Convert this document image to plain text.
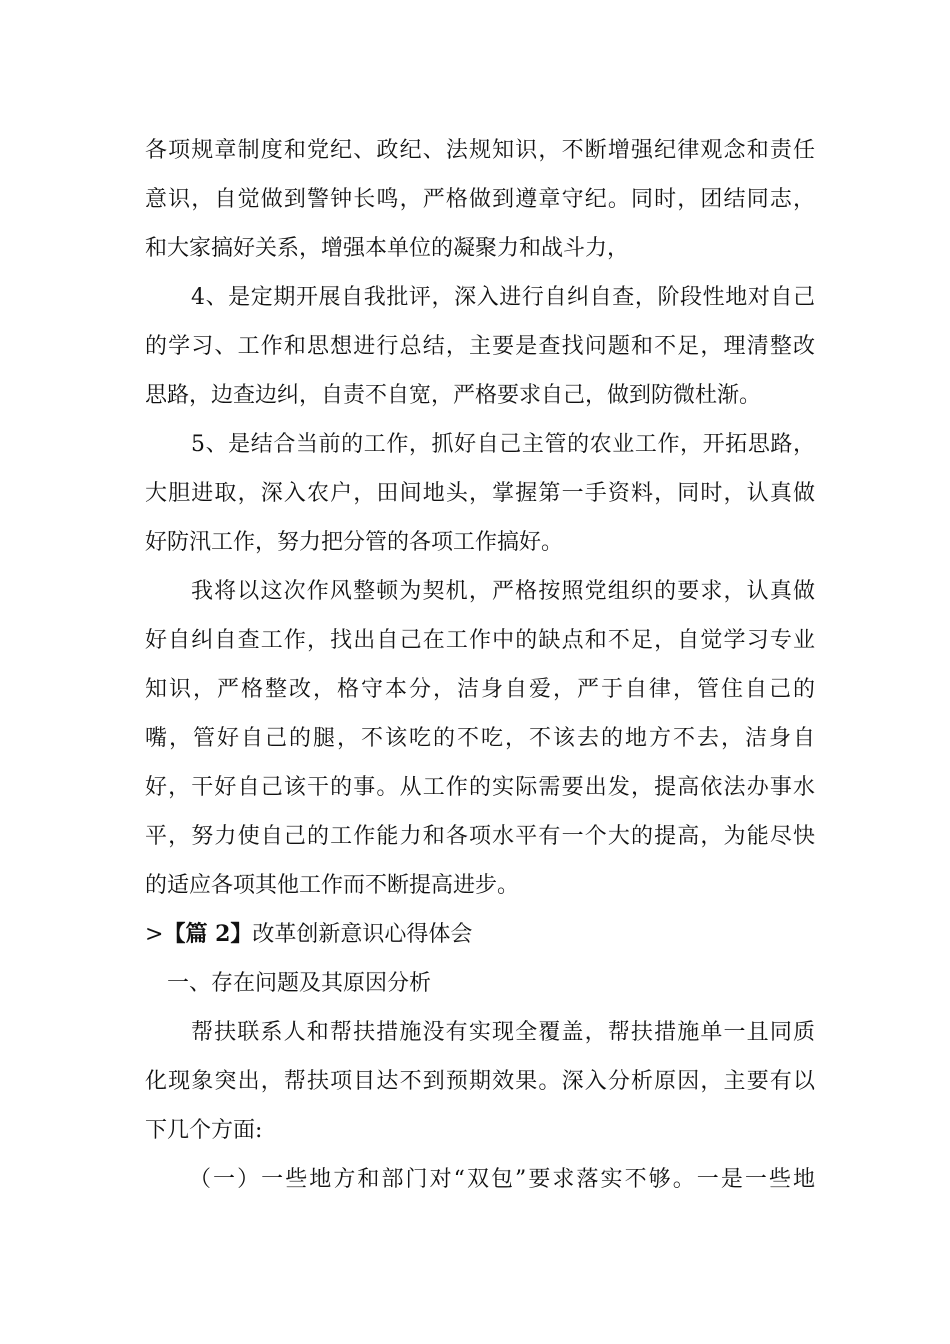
各项规章制度和党纪、政纪、法规知识，不断增强纪律观念和责任
意识，自觉做到警钟长鸣，严格做到遵章守纪。同时，团结同志，
和大家搞好关系，增强本单位的凝聚力和战斗力，
4、是定期开展自我批评，深入进行自纠自查，阶段性地对自己
的学习、工作和思想进行总结，主要是查找问题和不足，理清整改
思路，边查边纠，自责不自宽，严格要求自己，做到防微杜渐。
5、是结合当前的工作，抓好自己主管的农业工作，开拓思路，
大胆进取，深入农户，田间地头，掌握第一手资料，同时，认真做
好防汛工作，努力把分管的各项工作搞好。
我将以这次作风整顿为契机，严格按照党组织的要求，认真做
好自纠自查工作，找出自己在工作中的缺点和不足，自觉学习专业
知识，严格整改，格守本分，洁身自爱，严于自律，管住自己的
嘴，管好自己的腿，不该吃的不吃，不该去的地方不去，洁身自
好，干好自己该干的事。从工作的实际需要出发，提高依法办事水
平，努力使自己的工作能力和各项水平有一个大的提高，为能尽快
的适应各项其他工作而不断提高进步。
>【篇 2】改革创新意识心得体会
一、存在问题及其原因分析
帮扶联系人和帮扶措施没有实现全覆盖，帮扶措施单一且同质
化现象突出，帮扶项目达不到预期效果。深入分析原因，主要有以
下几个方面:
（一）一些地方和部门对“双包”要求落实不够。一是一些地
